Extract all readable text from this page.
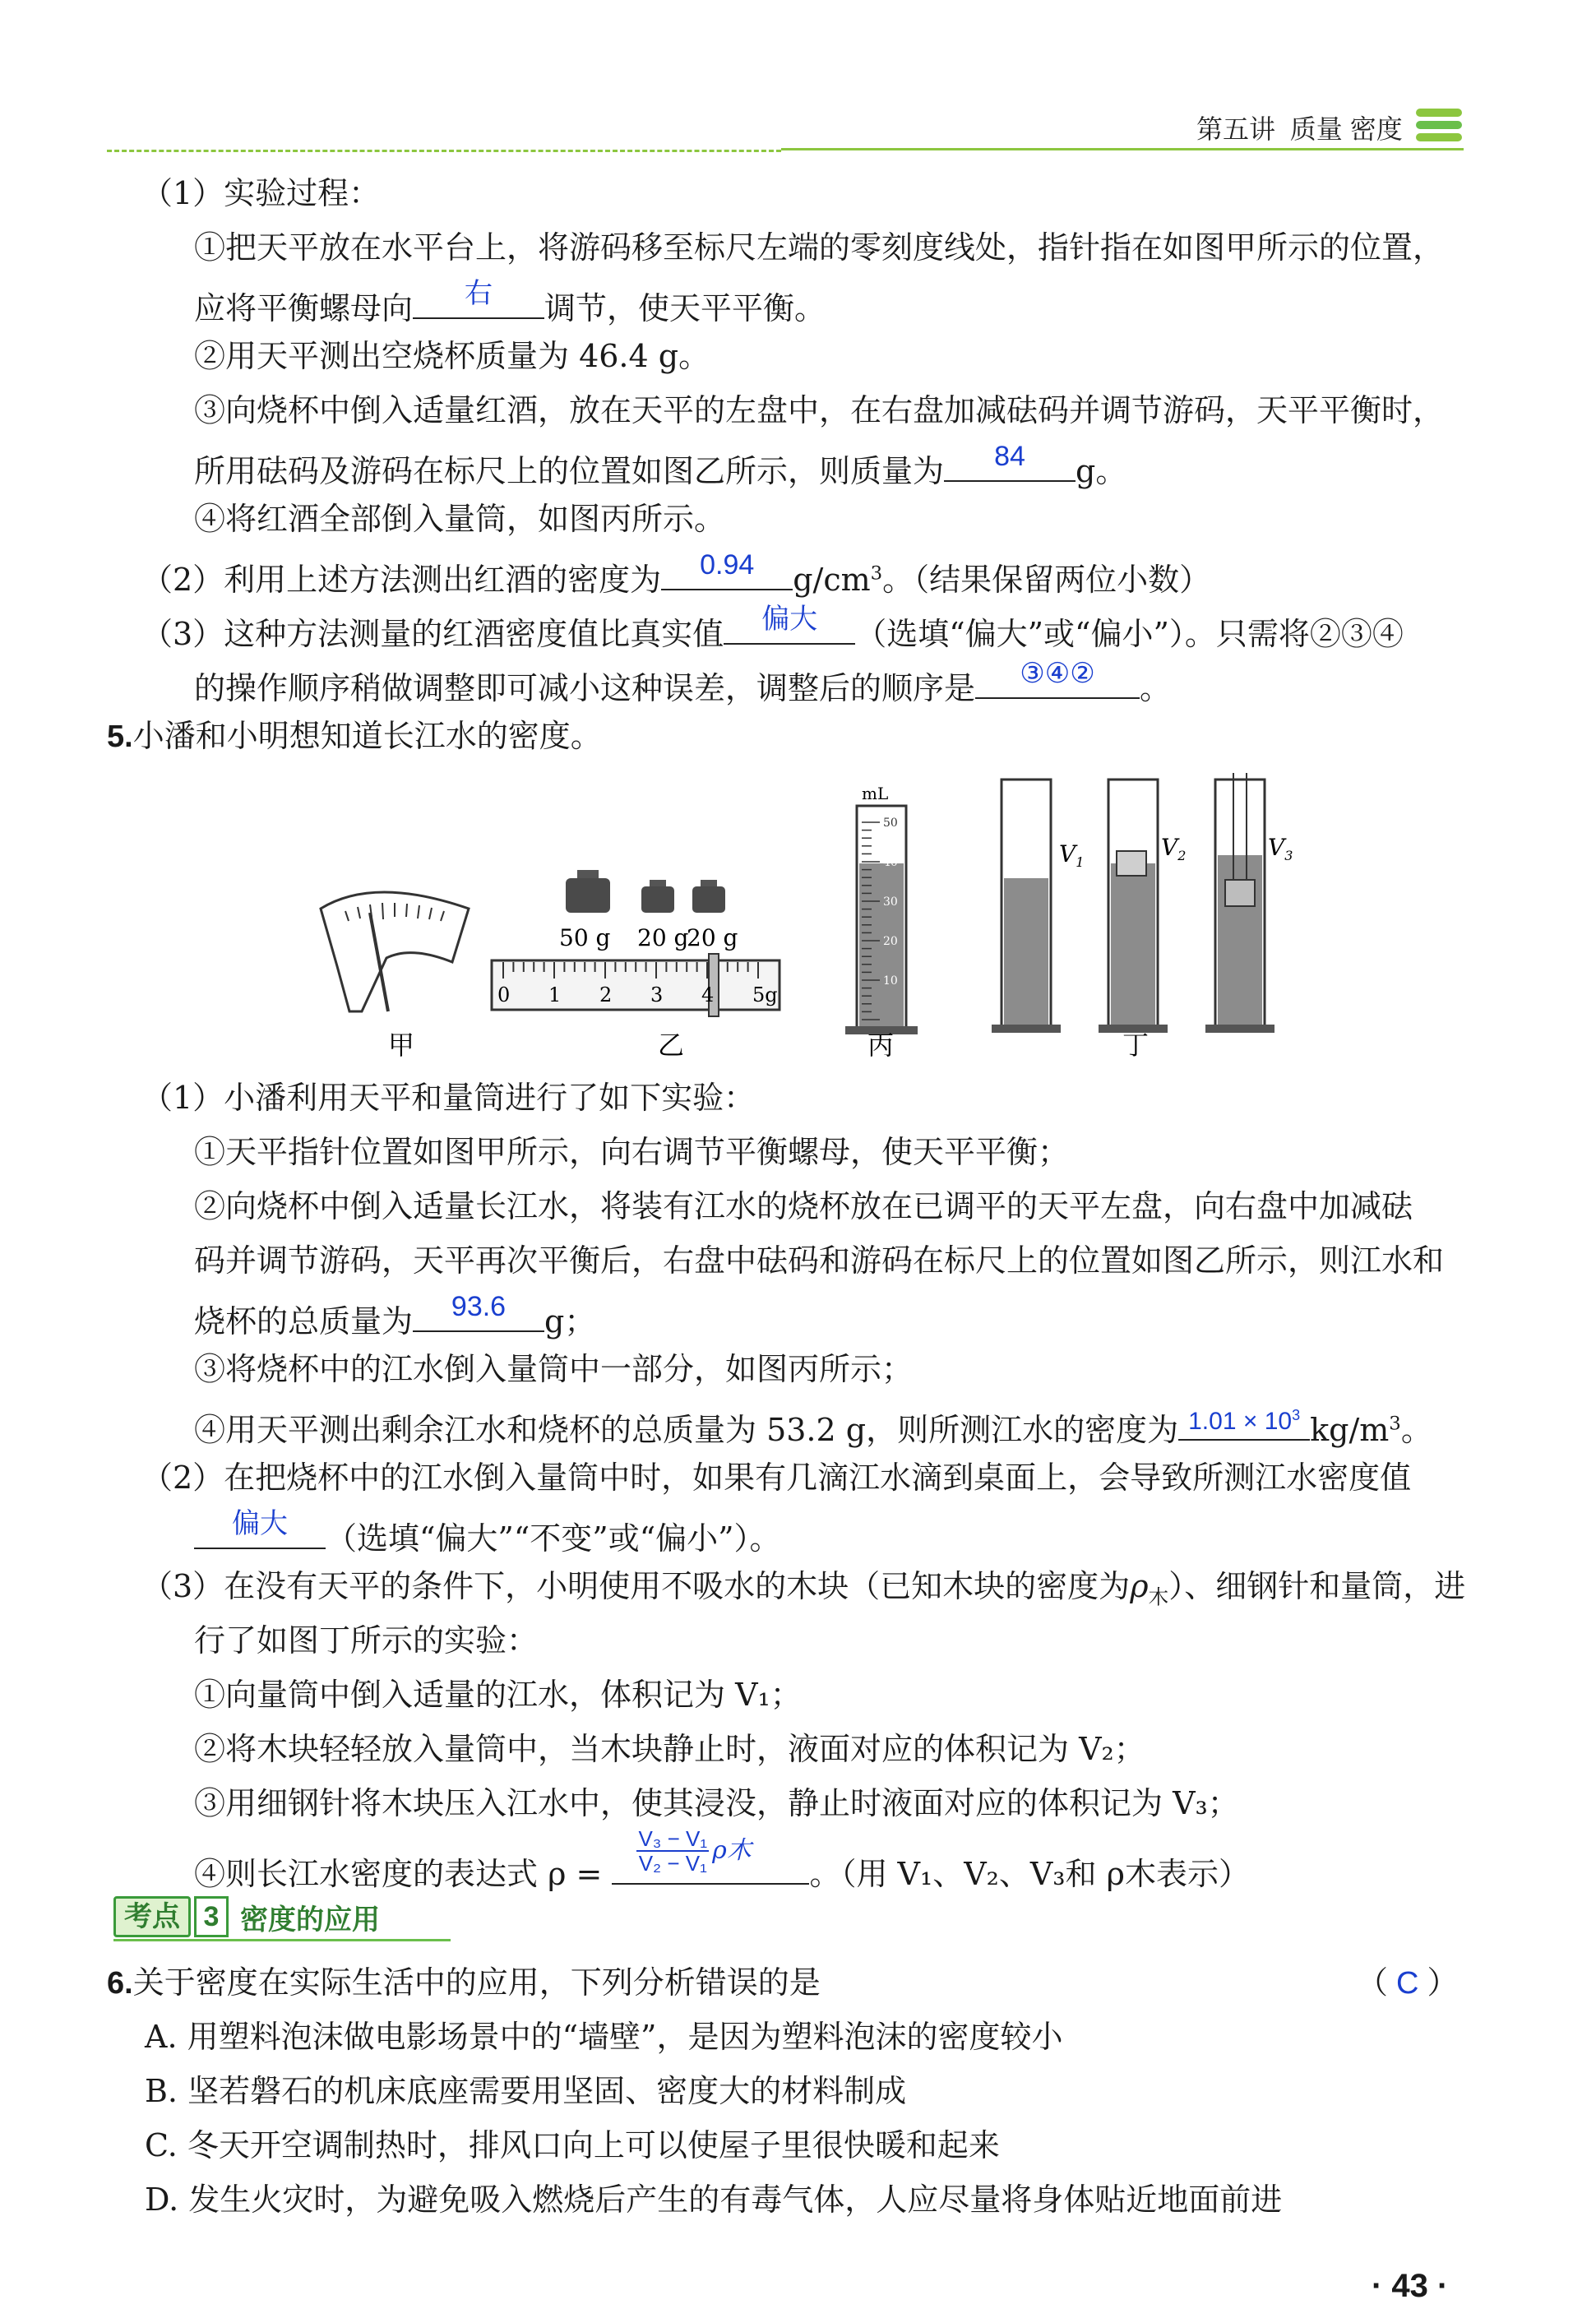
第五讲 质量 密度
（1）实验过程：
①把天平放在水平台上，将游码移至标尺左端的零刻度线处，指针指在如图甲所示的位置，
应将平衡螺母向	右	调节，使天平平衡。
②用天平测出空烧杯质量为 46.4 g。
③向烧杯中倒入适量红酒，放在天平的左盘中，在右盘加减砝码并调节游码，天平平衡时，
所用砝码及游码在标尺上的位置如图乙所示，则质量为	84	g。
④将红酒全部倒入量筒，如图丙所示。
（2）利用上述方法测出红酒的密度为	0.94	$g/cm^3$。（结果保留两位小数）
（3）这种方法测量的红酒密度值比真实值	偏大	（选填“偏大”或“偏小”）。只需将②③④
的操作顺序稍做调整即可减小这种误差，调整后的顺序是	③④②	。
5.小潘和小明想知道长江水的密度。
50 g 20 g
20 g
0 1 2 3 4 5g
mL
50
40
30
20
10
$V_1$
$V_2$	$V_3$
甲	乙	丙	丁
（1）小潘利用天平和量筒进行了如下实验：
①天平指针位置如图甲所示，向右调节平衡螺母，使天平平衡；
②向烧杯中倒入适量长江水，将装有江水的烧杯放在已调平的天平左盘，向右盘中加减砝
码并调节游码，天平再次平衡后，右盘中砝码和游码在标尺上的位置如图乙所示，则江水和
烧杯的总质量为	93.6	g；
③将烧杯中的江水倒入量筒中一部分，如图丙所示；
④用天平测出剩余江水和烧杯的总质量为 53.2 g，则所测江水的密度为 $1.01 \times 10^3$ $kg/m^3$。
（2）在把烧杯中的江水倒入量筒中时，如果有几滴江水滴到桌面上，会导致所测江水密度值
偏大	（选填“偏大”“不变”或“偏小”）。
（3）在没有天平的条件下，小明使用不吸水的木块（已知木块的密度为$\rho_木$）、细钢针和量筒，进
行了如图丁所示的实验：
①向量筒中倒入适量的江水，体积记为 V₁；
②将木块轻轻放入量筒中，当木块静止时，液面对应的体积记为 V₂；
③用细钢针将木块压入江水中，使其浸没，静止时液面对应的体积记为 V₃；
④则长江水密度的表达式 $\rho = \frac{\text{V₃ − V₁}}{\text{V₂ − V₁}}$ ρ木
。（用 V₁、V₂、V₃和 ρ木表示）
考点 3 密度的应用
6.关于密度在实际生活中的应用，下列分析错误的是	（ C ）
A. 用塑料泡沫做电影场景中的“墙壁”，是因为塑料泡沫的密度较小
B. 坚若磐石的机床底座需要用坚固、密度大的材料制成
C. 冬天开空调制热时，排风口向上可以使屋子里很快暖和起来
D. 发生火灾时，为避免吸入燃烧后产生的有毒气体，人应尽量将身体贴近地面前进
· 43 ·
